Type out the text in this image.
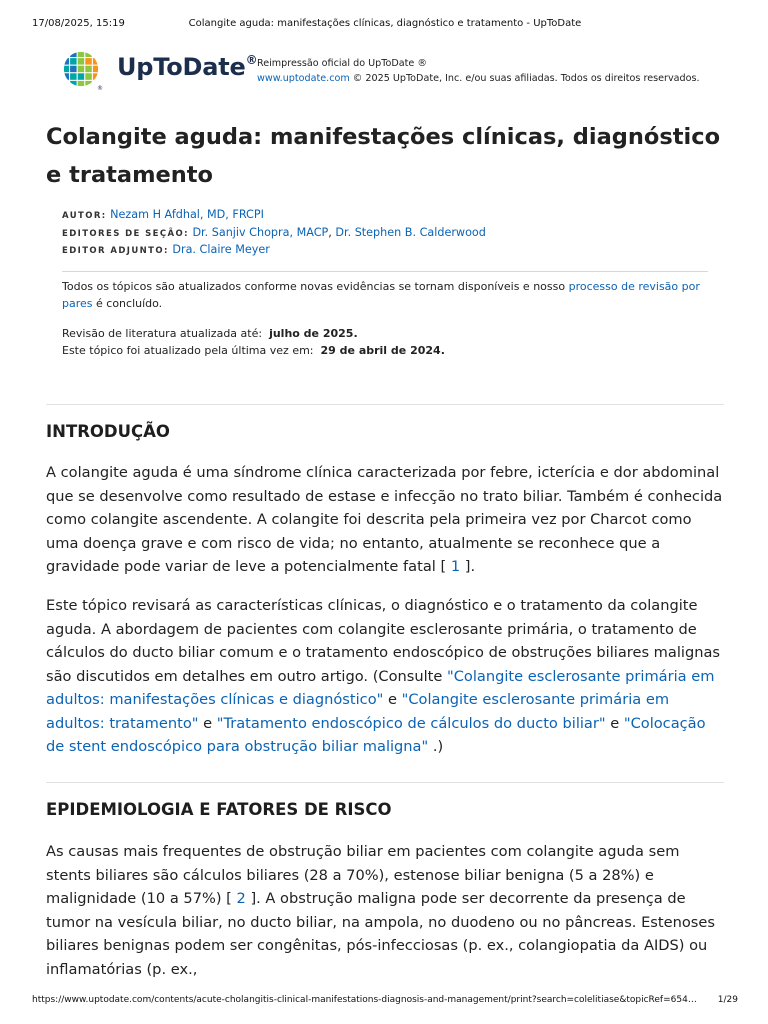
17/08/2025, 15:19	Colangite aguda: manifestações clínicas, diagnóstico e tratamento - UpToDate
®
UpToDate® Reimpressão oficial do UpToDate ®
www.uptodate.com © 2025 UpToDate, Inc. e/ou suas afiliadas. Todos os direitos reservados.
Colangite aguda: manifestações clínicas, diagnóstico e tratamento
AUTOR: Nezam H Afdhal, MD, FRCPI
EDITORES DE SEÇÃO: Dr. Sanjiv Chopra, MACP, Dr. Stephen B. Calderwood
EDITOR ADJUNTO: Dra. Claire Meyer

Todos os tópicos são atualizados conforme novas evidências se tornam disponíveis e nosso processo de revisão por pares é concluído.

Revisão de literatura atualizada até: julho de 2025.
Este tópico foi atualizado pela última vez em: 29 de abril de 2024.
INTRODUÇÃO

A colangite aguda é uma síndrome clínica caracterizada por febre, icterícia e dor abdominal que se desenvolve como resultado de estase e infecção no trato biliar. Também é conhecida como colangite ascendente. A colangite foi descrita pela primeira vez por Charcot como uma doença grave e com risco de vida; no entanto, atualmente se reconhece que a gravidade pode variar de leve a potencialmente fatal [ 1 ].

Este tópico revisará as características clínicas, o diagnóstico e o tratamento da colangite aguda. A abordagem de pacientes com colangite esclerosante primária, o tratamento de cálculos do ducto biliar comum e o tratamento endoscópico de obstruções biliares malignas são discutidos em detalhes em outro artigo. (Consulte "Colangite esclerosante primária em adultos: manifestações clínicas e diagnóstico" e "Colangite esclerosante primária em adultos: tratamento" e "Tratamento endoscópico de cálculos do ducto biliar" e "Colocação de stent endoscópico para obstrução biliar maligna" .)

EPIDEMIOLOGIA E FATORES DE RISCO

As causas mais frequentes de obstrução biliar em pacientes com colangite aguda sem stents biliares são cálculos biliares (28 a 70%), estenose biliar benigna (5 a 28%) e malignidade (10 a 57%) [ 2 ]. A obstrução maligna pode ser decorrente da presença de tumor na vesícula biliar, no ducto biliar, na ampola, no duodeno ou no pâncreas. Estenoses biliares benignas podem ser congênitas, pós-infecciosas (p. ex., colangiopatia da AIDS) ou inflamatórias (p. ex.,

https://www.uptodate.com/contents/acute-cholangitis-clinical-manifestations-diagnosis-and-management/print?search=colelitiase&topicRef=654…	1/29
